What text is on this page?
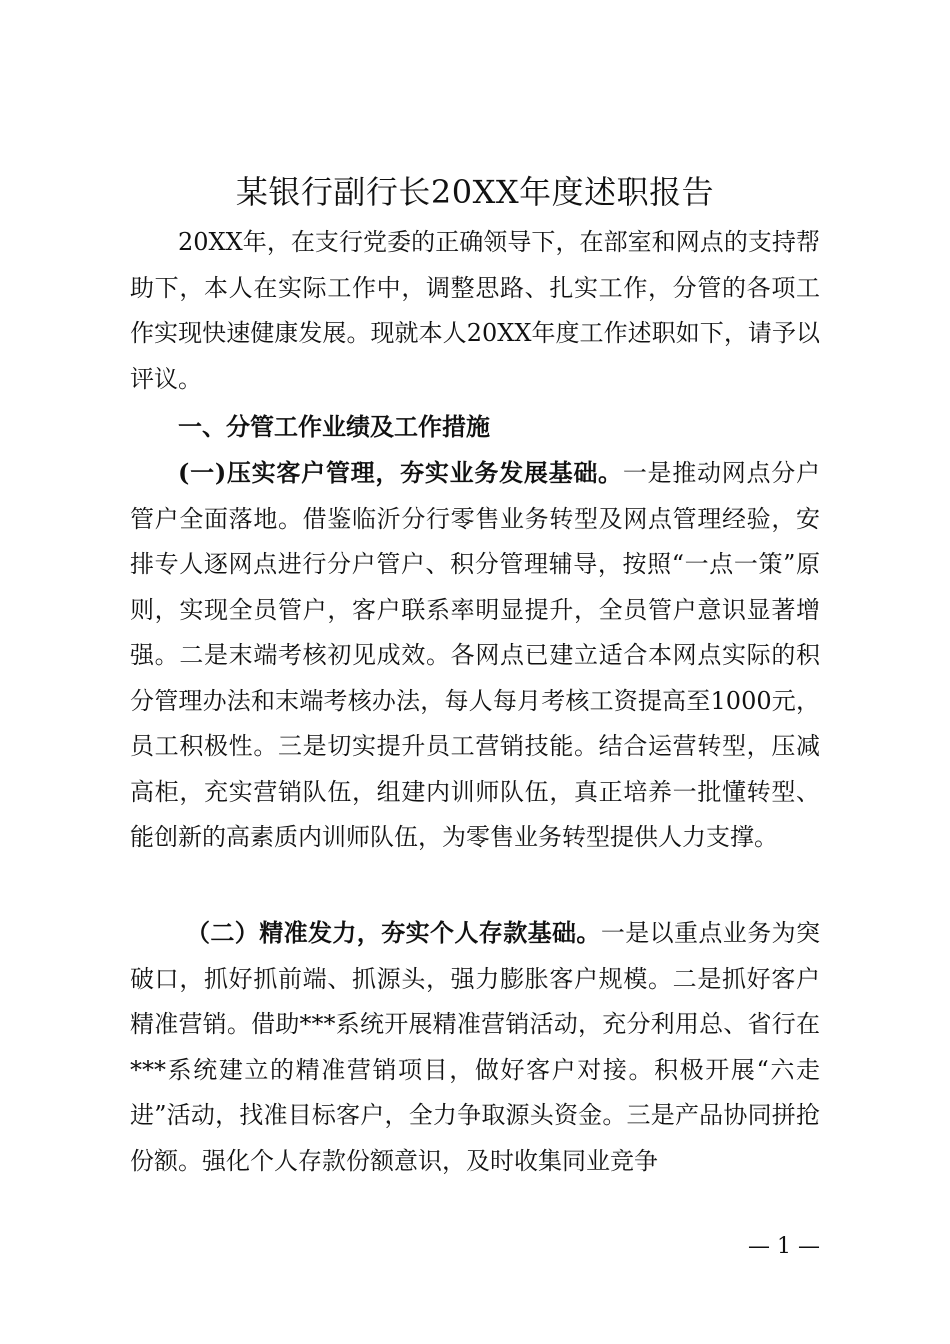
某银行副行长20XX年度述职报告

20XX年，在支行党委的正确领导下，在部室和网点的支持帮助下，本人在实际工作中，调整思路、扎实工作，分管的各项工作实现快速健康发展。现就本人20XX年度工作述职如下，请予以评议。

一、分管工作业绩及工作措施

(一)压实客户管理，夯实业务发展基础。一是推动网点分户管户全面落地。借鉴临沂分行零售业务转型及网点管理经验，安排专人逐网点进行分户管户、积分管理辅导，按照“一点一策”原则，实现全员管户，客户联系率明显提升，全员管户意识显著增强。二是末端考核初见成效。各网点已建立适合本网点实际的积分管理办法和末端考核办法，每人每月考核工资提高至1000元，员工积极性。三是切实提升员工营销技能。结合运营转型，压减高柜，充实营销队伍，组建内训师队伍，真正培养一批懂转型、能创新的高素质内训师队伍，为零售业务转型提供人力支撑。

（二）精准发力，夯实个人存款基础。一是以重点业务为突破口，抓好抓前端、抓源头，强力膨胀客户规模。二是抓好客户精准营销。借助***系统开展精准营销活动，充分利用总、省行在***系统建立的精准营销项目，做好客户对接。积极开展“六走进”活动，找准目标客户，全力争取源头资金。三是产品协同拼抢份额。强化个人存款份额意识，及时收集同业竞争

— 1 —
